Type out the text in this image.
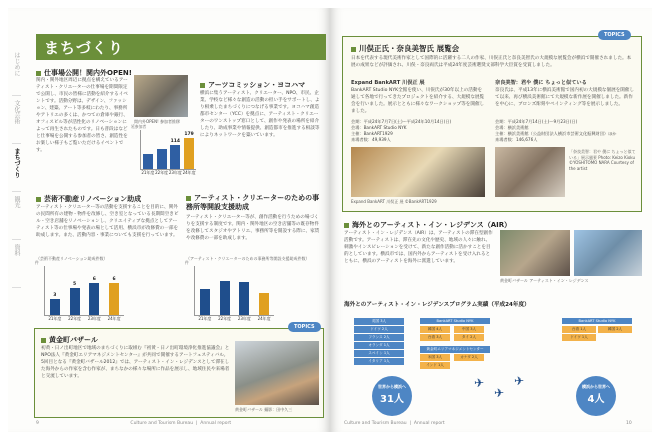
はじめに
文化芸術
まちづくり
観光
資料
まちづくり
仕事場公開！関内外OPEN!
関内・関外地区周辺に拠点を構えているアーティスト・クリエーターの仕事場を期間限定で公開し、市民の皆様に活動を紹介するイベントです。活動分野は、デザイン、ファッション、建築、アート等多岐にわたり、事務所やアトリエの多くは、かつての倉庫や銀行、オフィスビル等が活性化のリノベーションによって再生されたものです。日も普段はなどと仕事場を公開する参加者の皆さ、創造性をお楽しい様子もご覧いただけるイベントです。
関内外OPEN! 参加者推移
21年度 22年度 23年度
114
24年度
179
延参加者
アーツコミッション・ヨコハマ
横浜に集うアーティスト、クリエーター、NPO、市民、企業、学校など様々な創造の活動の担い手をサポートし、より相乗したまちづくりにつなげる事業です。ヨコハマ創造都市センター（YCC）を拠点に、アーティスト・クリエーターのワンストップ窓口として、創作や発表の場所を紹介したり、助成事業や情報提供、創造都市を推進する相談等によりネットワークを築いています。
芸術不動産リノベーション助成
アーティスト・クリエーター等の活動を支援することを目的に、関外の民間所有の建物・物件を改修し、空き室となっている長期間空きビル・空き店舗をリノベーションし、クリエイティブな拠点としてアーティスト等の仕事場や発表の場として活用、横浜市が改修費の一部を助成します。また、活動内容・事業についても支援を行っています。
（芸術不動産リノベーション助成件数）
21年度
3
22年度
5
23年度
6
24年度
6
件
アーティスト・クリエーターのための事務所等開設支援助成
アーティスト・クリエーター等が、創作活動を行うための場づくりを支援する制度です。関内・関外地区の空き店舗等の既存物件を改修してスタジオやアトリエ、事務所等を開設する際に、家賃や改修費の一部を助成します。
（アーティスト・クリエーターのための事務所等開設支援助成件数）
21年度	22年度	23年度	24年度
件
黄金町バザール
初黄・日ノ出町地区で地域のまちづくりに取組む『初黄・日ノ出町環境浄化推進協議会』とNPO法人『黄金町エリアマネジメントセンター』が共同で開催するアートフェスティバル。5回目となる『黄金町バザール2012』では、アーティスト・イン・レジデンスとして滞在した海外からの作家を含む作家が、まちなかの様々な場所に作品を展示し、地域住民や来場者と交流しています。
黄金町バザール 撮影：田中久三
TOPICS
9	Culture and Tourism Bureau  |  Annual report
川俣正氏・奈良美智氏 展覧会
日本を代表する現代美術作家として国際的に活躍する二人の作家、川俣正氏と奈良美智氏の大規模な展覧会が横浜で開催されました。本展の成果などが評価され、川俣・奈良両氏は平成24年度芸術選奨文部科学大臣賞を受賞しました。
Expand BankART 川俣正 展
BankART Studio NYK全館を使い、川俣氏が30年以上の活動を通して各地で行ってきたプロジェクトを紹介する、大規模な展覧会を行いました。展示とともに様々なワークショップ等を開催しました。
会期：平成24年7月7日(土)～平成24年10月14日(日)
会場：BankART Studio NYK
主催：BankART1929
来場者数：49,939人
Expand BankART 川俣正 展 ©BankART1929
奈良美智：君や 僕に ちょっと似ている
奈良氏は、平成13年に横浜美術館で国内初の大規模な個展を開催して以来、再び横浜美術館にて大規模な新作展を開催しました。新作を中心に、ブロンズ彫刻やペインティング等を展示しました。
会期：平成24年7月14日(土)～9月23日(日)
会場：横浜美術館
主催：横浜美術館（公益財団法人横浜市芸術文化振興財団）ほか
来場者数：146,676人
「奈良美智：君や 僕に ちょっと似ている」展示風景 Photo: Keizo Kioku ©YOSHITOMO NARA Courtesy of the artist
TOPICS
海外とのアーティスト・イン・レジデンス（AIR）
アーティスト・イン・レジデンス（AIR）は、アーティストの滞在型創作活動です。アーティストは、滞在先の文化や歴史、地域の人々に触れ、刺激やインスピレーションを受けて、新たな創作活動に活かすことを目的としています。横浜市では、国内外からアーティストを受け入れるとともに、横浜のアーティストを海外に派遣しています。
黄金町バザール アーティスト・イン・レジデンス
海外とのアーティスト・イン・レジデンスプログラム実績（平成24年度）
英国 3人
ドイツ 2人
フランス 2人
オランダ 1人
スペイン 1人
イタリア 1人
BankART Studio NYK
韓国 4人
台湾 3人
中国 3人
タイ 2人
黄金町エリアマネジメントセンター
米国 3人	カナダ 2人
インド 1人
BankART Studio NYK
台湾 1人	韓国 2人
ドイツ 1人
✈
✈
✈
世界から横浜へ
31人
横浜から世界へ
4人
Culture and Tourism Bureau  |  Annual report	10
